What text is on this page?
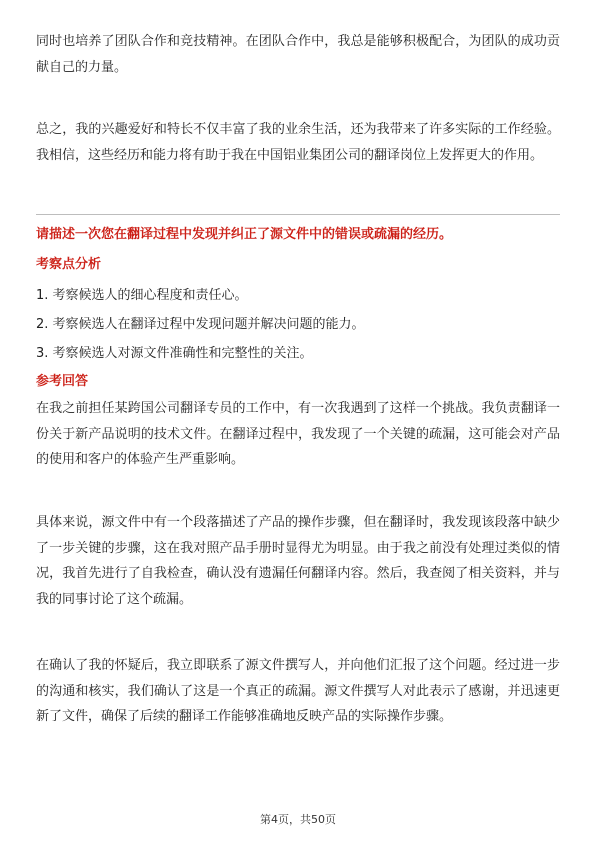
同时也培养了团队合作和竞技精神。在团队合作中，我总是能够积极配合，为团队的成功贡献自己的力量。

总之，我的兴趣爱好和特长不仅丰富了我的业余生活，还为我带来了许多实际的工作经验。我相信，这些经历和能力将有助于我在中国铝业集团公司的翻译岗位上发挥更大的作用。

请描述一次您在翻译过程中发现并纠正了源文件中的错误或疏漏的经历。

考察点分析

1. 考察候选人的细心程度和责任心。
2. 考察候选人在翻译过程中发现问题并解决问题的能力。
3. 考察候选人对源文件准确性和完整性的关注。

参考回答

在我之前担任某跨国公司翻译专员的工作中，有一次我遇到了这样一个挑战。我负责翻译一份关于新产品说明的技术文件。在翻译过程中，我发现了一个关键的疏漏，这可能会对产品的使用和客户的体验产生严重影响。

具体来说，源文件中有一个段落描述了产品的操作步骤，但在翻译时，我发现该段落中缺少了一步关键的步骤，这在我对照产品手册时显得尤为明显。由于我之前没有处理过类似的情况，我首先进行了自我检查，确认没有遗漏任何翻译内容。然后，我查阅了相关资料，并与我的同事讨论了这个疏漏。

在确认了我的怀疑后，我立即联系了源文件撰写人，并向他们汇报了这个问题。经过进一步的沟通和核实，我们确认了这是一个真正的疏漏。源文件撰写人对此表示了感谢，并迅速更新了文件，确保了后续的翻译工作能够准确地反映产品的实际操作步骤。

第4页，共50页
